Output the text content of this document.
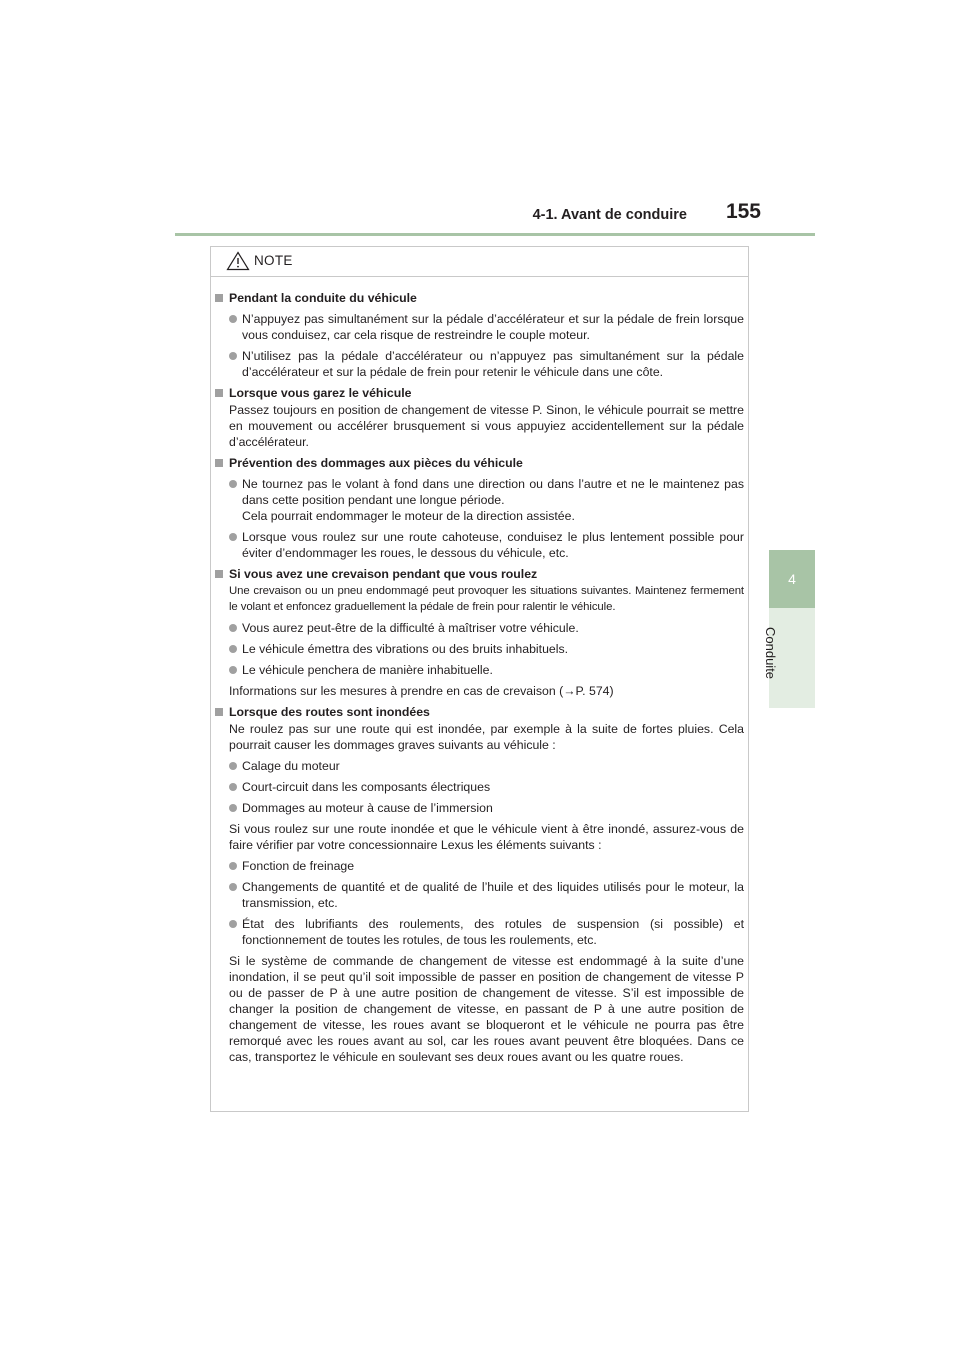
155
4-1. Avant de conduire
4
Conduite
NOTE
Pendant la conduite du véhicule
N’appuyez pas simultanément sur la pédale d’accélérateur et sur la pédale de frein lorsque vous conduisez, car cela risque de restreindre le couple moteur.
N’utilisez pas la pédale d’accélérateur ou n’appuyez pas simultanément sur la pédale d’accélérateur et sur la pédale de frein pour retenir le véhicule dans une côte.
Lorsque vous garez le véhicule
Passez toujours en position de changement de vitesse P. Sinon, le véhicule pourrait se mettre en mouvement ou accélérer brusquement si vous appuyiez accidentellement sur la pédale d’accélérateur.
Prévention des dommages aux pièces du véhicule
Ne tournez pas le volant à fond dans une direction ou dans l’autre et ne le maintenez pas dans cette position pendant une longue période.
Cela pourrait endommager le moteur de la direction assistée.
Lorsque vous roulez sur une route cahoteuse, conduisez le plus lentement possible pour éviter d’endommager les roues, le dessous du véhicule, etc.
Si vous avez une crevaison pendant que vous roulez
Une crevaison ou un pneu endommagé peut provoquer les situations suivantes. Maintenez fermement le volant et enfoncez graduellement la pédale de frein pour ralentir le véhicule.
Vous aurez peut-être de la difficulté à maîtriser votre véhicule.
Le véhicule émettra des vibrations ou des bruits inhabituels.
Le véhicule penchera de manière inhabituelle.
Informations sur les mesures à prendre en cas de crevaison (→P. 574)
Lorsque des routes sont inondées
Ne roulez pas sur une route qui est inondée, par exemple à la suite de fortes pluies. Cela pourrait causer les dommages graves suivants au véhicule :
Calage du moteur
Court-circuit dans les composants électriques
Dommages au moteur à cause de l’immersion
Si vous roulez sur une route inondée et que le véhicule vient à être inondé, assurez-vous de faire vérifier par votre concessionnaire Lexus les éléments suivants :
Fonction de freinage
Changements de quantité et de qualité de l’huile et des liquides utilisés pour le moteur, la transmission, etc.
État des lubrifiants des roulements, des rotules de suspension (si possible) et fonctionnement de toutes les rotules, de tous les roulements, etc.
Si le système de commande de changement de vitesse est endommagé à la suite d’une inondation, il se peut qu’il soit impossible de passer en position de changement de vitesse P ou de passer de P à une autre position de changement de vitesse. S’il est impossible de changer la position de changement de vitesse, en passant de P à une autre position de changement de vitesse, les roues avant se bloqueront et le véhicule ne pourra pas être remorqué avec les roues avant au sol, car les roues avant peuvent être bloquées. Dans ce cas, transportez le véhicule en soulevant ses deux roues avant ou les quatre roues.
